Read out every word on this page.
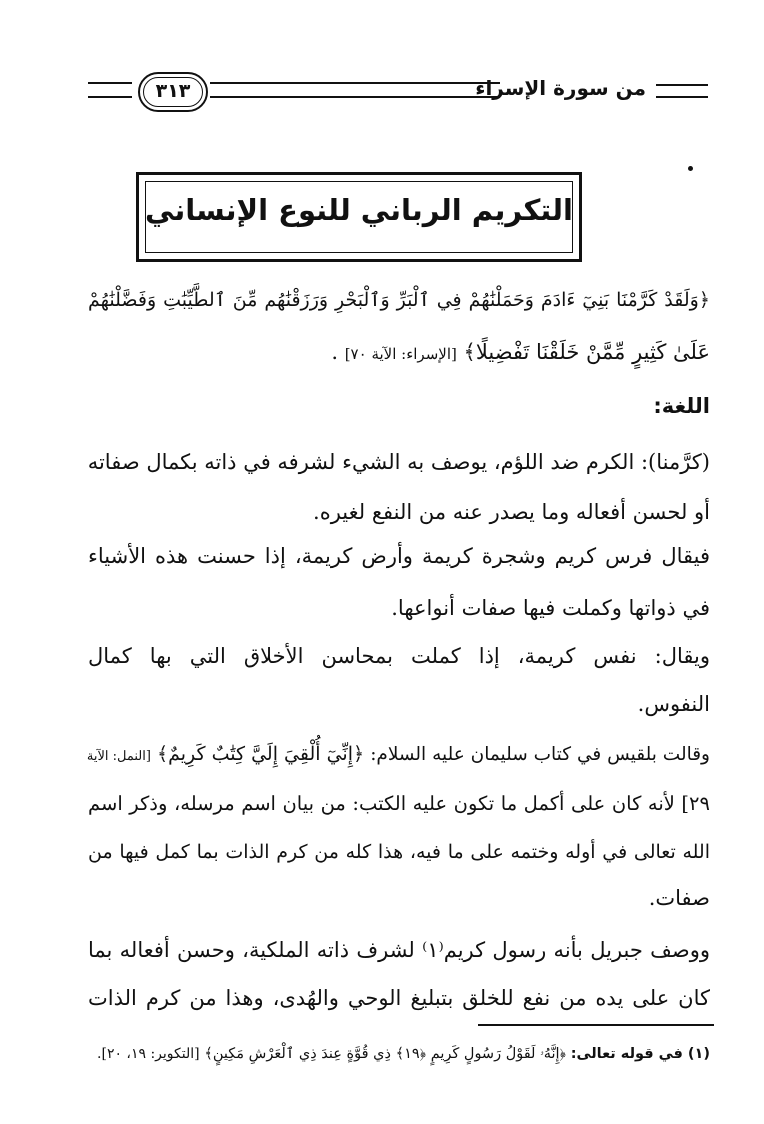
من سورة الإسراء
٣١٣
التكريم الرباني للنوع الإنساني
﴿وَلَقَدْ كَرَّمْنَا بَنِيٓ ءَادَمَ وَحَمَلْنَٰهُمْ فِي ٱلْبَرِّ وَٱلْبَحْرِ وَرَزَقْنَٰهُم مِّنَ ٱلطَّيِّبَٰتِ وَفَضَّلْنَٰهُمْ
عَلَىٰ كَثِيرٍ مِّمَّنْ خَلَقْنَا تَفْضِيلًا﴾ [الإسراء: الآية ٧٠] .
اللغة:
(كرَّمنا): الكرم ضد اللؤم، يوصف به الشيء لشرفه في ذاته بكمال صفاته
أو لحسن أفعاله وما يصدر عنه من النفع لغيره.
فيقال فرس كريم وشجرة كريمة وأرض كريمة، إذا حسنت هذه الأشياء
في ذواتها وكملت فيها صفات أنواعها.
ويقال: نفس كريمة، إذا كملت بمحاسن الأخلاق التي بها كمال
النفوس.
وقالت بلقيس في كتاب سليمان عليه السلام: ﴿إِنِّيٓ أُلْقِيَ إِلَيَّ كِتَٰبٌ كَرِيمٌ﴾ [النمل: الآية
٢٩] لأنه كان على أكمل ما تكون عليه الكتب: من بيان اسم مرسله، وذكر اسم
الله تعالى في أوله وختمه على ما فيه، هذا كله من كرم الذات بما كمل فيها من
صفات.
ووصف جبريل بأنه رسول كريم⁽١⁾ لشرف ذاته الملكية، وحسن أفعاله بما
كان على يده من نفع للخلق بتبليغ الوحي والهُدى، وهذا من كرم الذات
(١) في قوله تعالى: ﴿إِنَّهُۥ لَقَوْلُ رَسُولٍ كَرِيمٍ ﴿١٩﴾ ذِي قُوَّةٍ عِندَ ذِي ٱلْعَرْشِ مَكِينٍ﴾ [التكوير: ١٩، ٢٠].
